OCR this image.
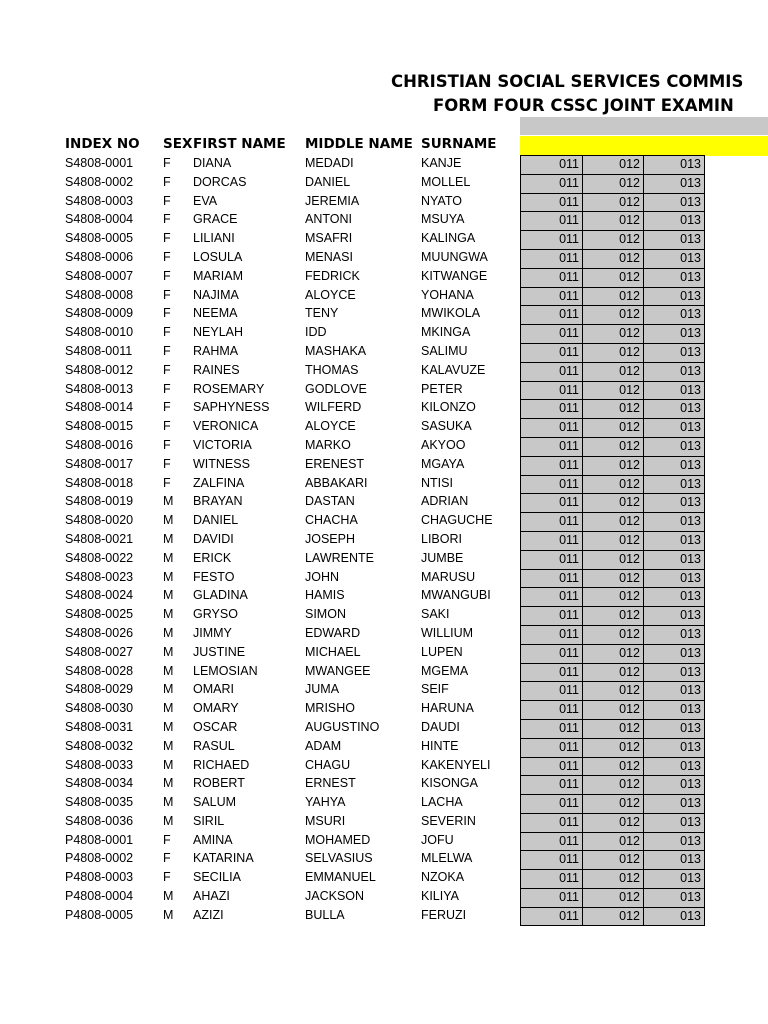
CHRISTIAN SOCIAL SERVICES COMMIS
FORM FOUR CSSC JOINT EXAMIN
INDEX NO SEX FIRST NAME MIDDLE NAME SURNAME
S4808-0001 F DIANA	MEDADI	KANJE	011	012	013
S4808-0002 F DORCAS	DANIEL	MOLLEL	011	012	013
S4808-0003 F EVA	JEREMIA	NYATO	011	012	013
S4808-0004 F GRACE	ANTONI	MSUYA	011	012	013
S4808-0005 F LILIANI	MSAFRI	KALINGA	011	012	013
S4808-0006 F LOSULA	MENASI	MUUNGWA	011	012	013
S4808-0007 F MARIAM	FEDRICK	KITWANGE	011	012	013
S4808-0008 F NAJIMA	ALOYCE	YOHANA	011	012	013
S4808-0009 F NEEMA	TENY	MWIKOLA	011	012	013
S4808-0010 F NEYLAH	IDD	MKINGA	011	012	013
S4808-0011 F RAHMA	MASHAKA	SALIMU	011	012	013
S4808-0012 F RAINES	THOMAS	KALAVUZE	011	012	013
S4808-0013 F ROSEMARY	GODLOVE	PETER	011	012	013
S4808-0014 F SAPHYNESS	WILFERD	KILONZO	011	012	013
S4808-0015 F VERONICA	ALOYCE	SASUKA	011	012	013
S4808-0016 F VICTORIA	MARKO	AKYOO	011	012	013
S4808-0017 F WITNESS	ERENEST	MGAYA	011	012	013
S4808-0018 F ZALFINA	ABBAKARI	NTISI	011	012	013
S4808-0019 M BRAYAN	DASTAN	ADRIAN	011	012	013
S4808-0020 M DANIEL	CHACHA	CHAGUCHE	011	012	013
S4808-0021 M DAVIDI	JOSEPH	LIBORI	011	012	013
S4808-0022 M ERICK	LAWRENTE	JUMBE	011	012	013
S4808-0023 M FESTO	JOHN	MARUSU	011	012	013
S4808-0024 M GLADINA	HAMIS	MWANGUBI	011	012	013
S4808-0025 M GRYSO	SIMON	SAKI	011	012	013
S4808-0026 M JIMMY	EDWARD	WILLIUM	011	012	013
S4808-0027 M JUSTINE	MICHAEL	LUPEN	011	012	013
S4808-0028 M LEMOSIAN	MWANGEE	MGEMA	011	012	013
S4808-0029 M OMARI	JUMA	SEIF	011	012	013
S4808-0030 M OMARY	MRISHO	HARUNA	011	012	013
S4808-0031 M OSCAR	AUGUSTINO	DAUDI	011	012	013
S4808-0032 M RASUL	ADAM	HINTE	011	012	013
S4808-0033 M RICHAED	CHAGU	KAKENYELI	011	012	013
S4808-0034 M ROBERT	ERNEST	KISONGA	011	012	013
S4808-0035 M SALUM	YAHYA	LACHA	011	012	013
S4808-0036 M SIRIL	MSURI	SEVERIN	011	012	013
P4808-0001 F AMINA	MOHAMED	JOFU	011	012	013
P4808-0002 F KATARINA	SELVASIUS	MLELWA	011	012	013
P4808-0003 F SECILIA	EMMANUEL	NZOKA	011	012	013
P4808-0004 M AHAZI	JACKSON	KILIYA	011	012	013
P4808-0005 M AZIZI	BULLA	FERUZI	011	012	013
